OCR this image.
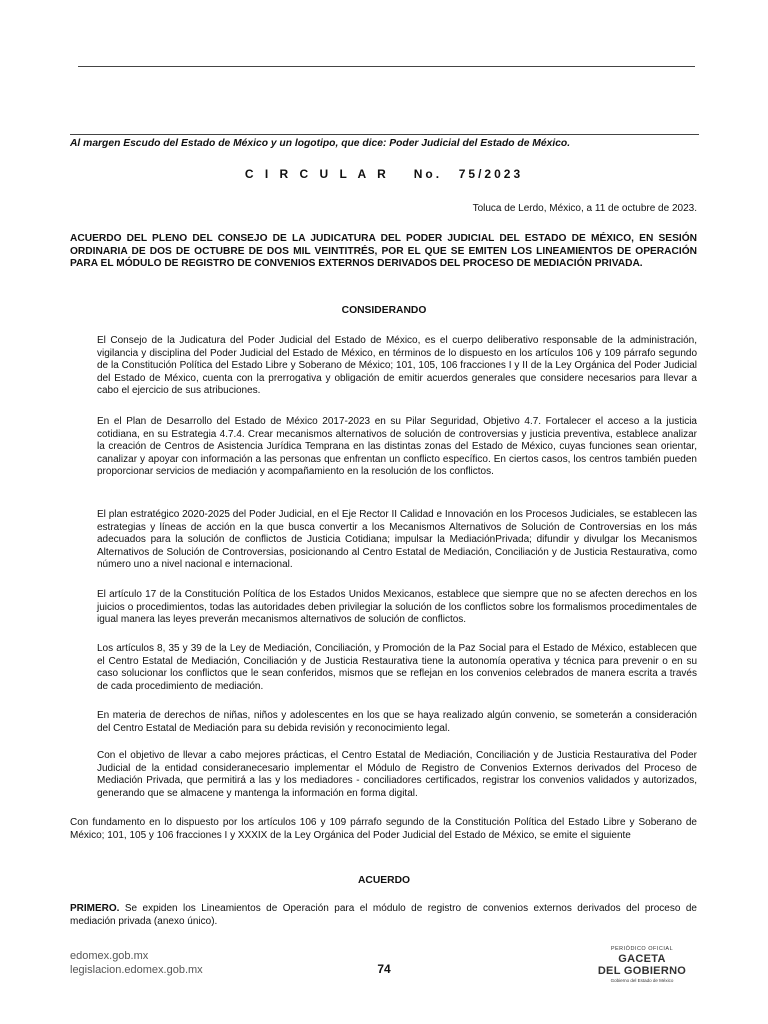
Al margen Escudo del Estado de México y un logotipo, que dice: Poder Judicial del Estado de México.
C I R C U L A R   No.  75/2023
Toluca de Lerdo, México, a 11 de octubre de 2023.
ACUERDO DEL PLENO DEL CONSEJO DE LA JUDICATURA DEL PODER JUDICIAL DEL ESTADO DE MÉXICO, EN SESIÓN ORDINARIA DE DOS DE OCTUBRE DE DOS MIL VEINTITRÉS, POR EL QUE SE EMITEN LOS LINEAMIENTOS DE OPERACIÓN PARA EL MÓDULO DE REGISTRO DE CONVENIOS EXTERNOS DERIVADOS DEL PROCESO DE MEDIACIÓN PRIVADA.
CONSIDERANDO
El Consejo de la Judicatura del Poder Judicial del Estado de México, es el cuerpo deliberativo responsable de la administración, vigilancia y disciplina del Poder Judicial del Estado de México, en términos de lo dispuesto en los artículos 106 y 109 párrafo segundo de la Constitución Política del Estado Libre y Soberano de México; 101, 105, 106 fracciones I y II de la Ley Orgánica del Poder Judicial del Estado de México, cuenta con la prerrogativa y obligación de emitir acuerdos generales que considere necesarios para llevar a cabo el ejercicio de sus atribuciones.
En el Plan de Desarrollo del Estado de México 2017-2023 en su Pilar Seguridad, Objetivo 4.7. Fortalecer el acceso a la justicia cotidiana, en su Estrategia 4.7.4. Crear mecanismos alternativos de solución de controversias y justicia preventiva, establece analizar la creación de Centros de Asistencia Jurídica Temprana en las distintas zonas del Estado de México, cuyas funciones sean orientar, canalizar y apoyar con información a las personas que enfrentan un conflicto específico. En ciertos casos, los centros también pueden proporcionar servicios de mediación y acompañamiento en la resolución de los conflictos.
El plan estratégico 2020-2025 del Poder Judicial, en el Eje Rector II Calidad e Innovación en los Procesos Judiciales, se establecen las estrategias y líneas de acción en la que busca convertir a los Mecanismos Alternativos de Solución de Controversias en los más adecuados para la solución de conflictos de Justicia Cotidiana; impulsar la MediaciónPrivada; difundir y divulgar los Mecanismos Alternativos de Solución de Controversias, posicionando al Centro Estatal de Mediación, Conciliación y de Justicia Restaurativa, como número uno a nivel nacional e internacional.
El artículo 17 de la Constitución Política de los Estados Unidos Mexicanos, establece que siempre que no se afecten derechos en los juicios o procedimientos, todas las autoridades deben privilegiar la solución de los conflictos sobre los formalismos procedimentales de igual manera las leyes preverán mecanismos alternativos de solución de conflictos.
Los artículos 8, 35 y 39 de la Ley de Mediación, Conciliación, y Promoción de la Paz Social para el Estado de México, establecen que el Centro Estatal de Mediación, Conciliación y de Justicia Restaurativa tiene la autonomía operativa y técnica para prevenir o en su caso solucionar los conflictos que le sean conferidos, mismos que se reflejan en los convenios celebrados de manera escrita a través de cada procedimiento de mediación.
En materia de derechos de niñas, niños y adolescentes en los que se haya realizado algún convenio, se someterán a consideración del Centro Estatal de Mediación para su debida revisión y reconocimiento legal.
Con el objetivo de llevar a cabo mejores prácticas, el Centro Estatal de Mediación, Conciliación y de Justicia Restaurativa del Poder Judicial de la entidad consideranecesario implementar el Módulo de Registro de Convenios Externos derivados del Proceso de Mediación Privada, que permitirá a las y los mediadores - conciliadores certificados, registrar los convenios validados y autorizados, generando que se almacene y mantenga la información en forma digital.
Con fundamento en lo dispuesto por los artículos 106 y 109 párrafo segundo de la Constitución Política del Estado Libre y Soberano de México; 101, 105 y 106 fracciones I y XXXIX de la Ley Orgánica del Poder Judicial del Estado de México, se emite el siguiente
ACUERDO
PRIMERO. Se expiden los Lineamientos de Operación para el módulo de registro de convenios externos derivados del proceso de mediación privada (anexo único).
edomex.gob.mx
legislacion.edomex.gob.mx	74
PERIÓDICO OFICIAL
GACETA
DEL GOBIERNO
Gobierno del Estado de México
